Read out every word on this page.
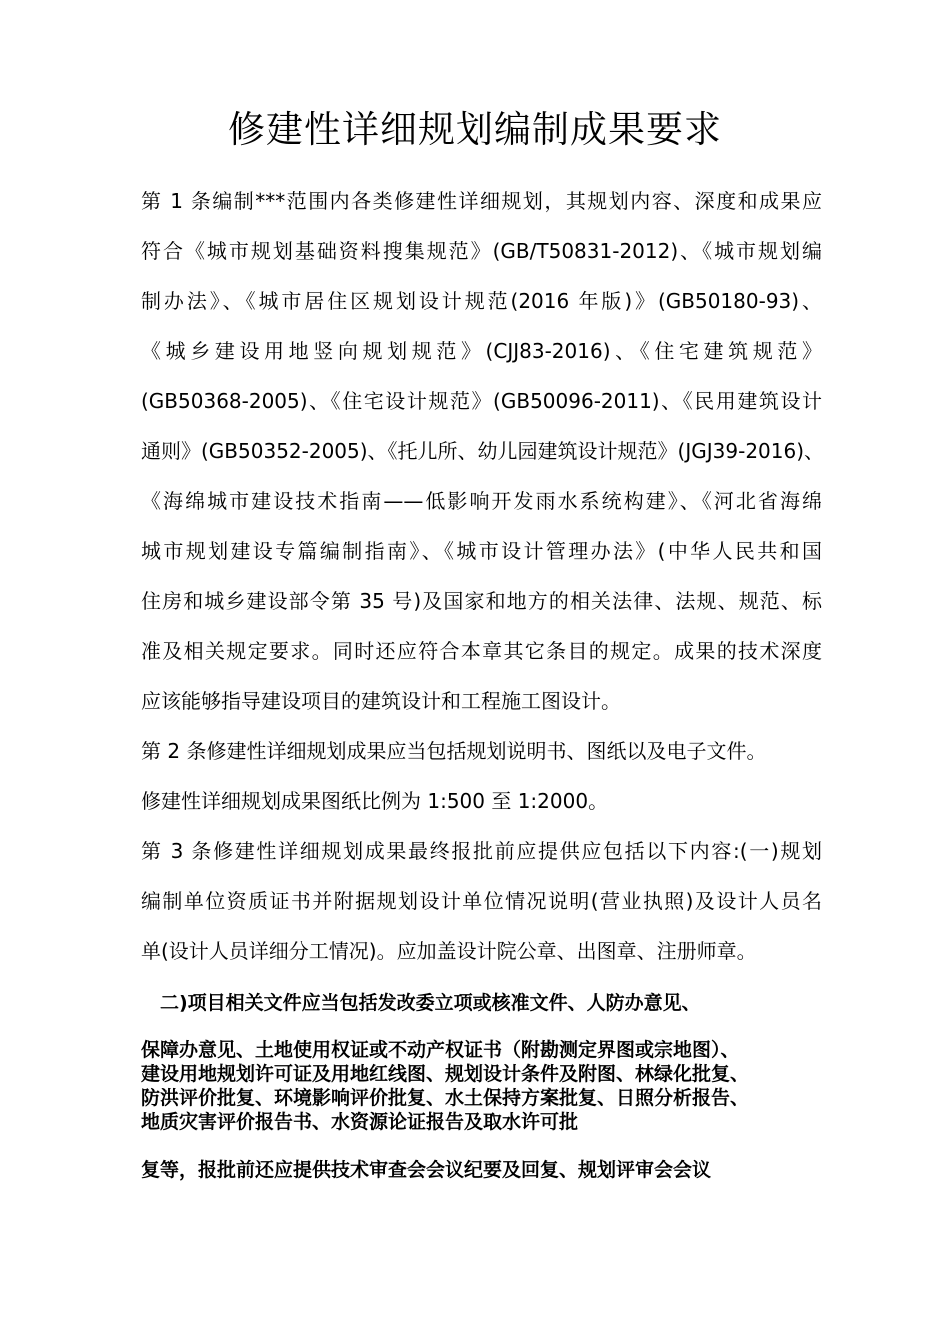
修建性详细规划编制成果要求

第 1 条编制***范围内各类修建性详细规划，其规划内容、深度和成果应

符合《城市规划基础资料搜集规范》(GB/T50831-2012)、《城市规划编

制办法》、《城市居住区规划设计规范(2016 年版)》(GB50180-93)、

《城乡建设用地竖向规划规范》(CJJ83-2016)、《住宅建筑规范》

(GB50368-2005)、《住宅设计规范》(GB50096-2011)、《民用建筑设计

通则》(GB50352-2005)、《托儿所、幼儿园建筑设计规范》(JGJ39-2016)、

《海绵城市建设技术指南——低影响开发雨水系统构建》、《河北省海绵

城市规划建设专篇编制指南》、《城市设计管理办法》(中华人民共和国

住房和城乡建设部令第 35 号)及国家和地方的相关法律、法规、规范、标

准及相关规定要求。同时还应符合本章其它条目的规定。成果的技术深度

应该能够指导建设项目的建筑设计和工程施工图设计。

第 2 条修建性详细规划成果应当包括规划说明书、图纸以及电子文件。

修建性详细规划成果图纸比例为 1:500 至 1:2000。

第 3 条修建性详细规划成果最终报批前应提供应包括以下内容:(一)规划

编制单位资质证书并附据规划设计单位情况说明(营业执照)及设计人员名

单(设计人员详细分工情况)。应加盖设计院公章、出图章、注册师章。

二)项目相关文件应当包括发改委立项或核准文件、人防办意见、

保障办意见、土地使用权证或不动产权证书（附勘测定界图或宗地图）、

建设用地规划许可证及用地红线图、规划设计条件及附图、林绿化批复、

防洪评价批复、环境影响评价批复、水土保持方案批复、日照分析报告、

地质灾害评价报告书、水资源论证报告及取水许可批

复等，报批前还应提供技术审查会会议纪要及回复、规划评审会会议
